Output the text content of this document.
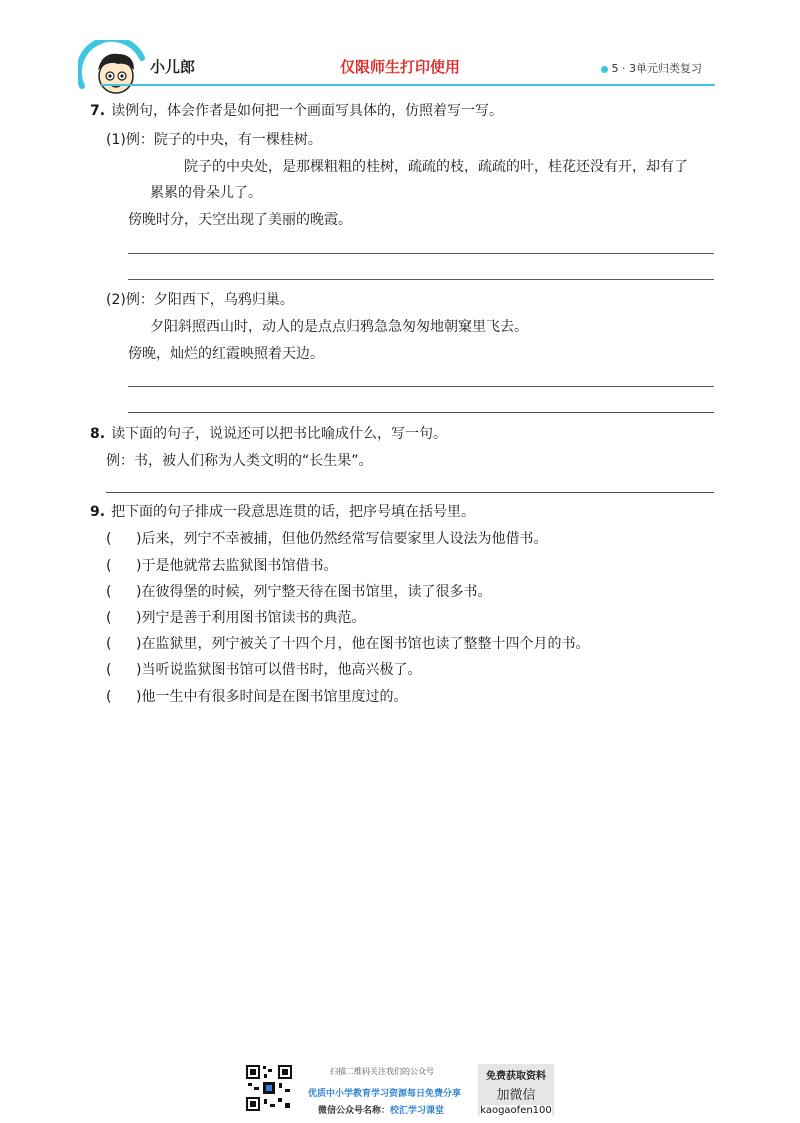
小儿郎	仅限师生打印使用	5 · 3单元归类复习
7. 读例句，体会作者是如何把一个画面写具体的，仿照着写一写。
(1)例：院子的中央，有一棵桂树。
院子的中央处，是那棵粗粗的桂树，疏疏的枝，疏疏的叶，桂花还没有开，却有了
累累的骨朵儿了。
傍晚时分，天空出现了美丽的晚霞。
(2)例：夕阳西下，乌鸦归巢。
夕阳斜照西山时，动人的是点点归鸦急急匆匆地朝窠里飞去。
傍晚，灿烂的红霞映照着天边。
8. 读下面的句子，说说还可以把书比喻成什么，写一句。
例：书，被人们称为人类文明的“长生果”。
9. 把下面的句子排成一段意思连贯的话，把序号填在括号里。
( )后来，列宁不幸被捕，但他仍然经常写信要家里人设法为他借书。
( )于是他就常去监狱图书馆借书。
( )在彼得堡的时候，列宁整天待在图书馆里，读了很多书。
( )列宁是善于利用图书馆读书的典范。
( )在监狱里，列宁被关了十四个月，他在图书馆也读了整整十四个月的书。
( )当听说监狱图书馆可以借书时，他高兴极了。
( )他一生中有很多时间是在图书馆里度过的。
扫描二维码关注我们的公众号
优质中小学教育学习资源每日免费分享
微信公众号名称：校汇学习课堂
免费获取资料
加微信
kaogaofen100
